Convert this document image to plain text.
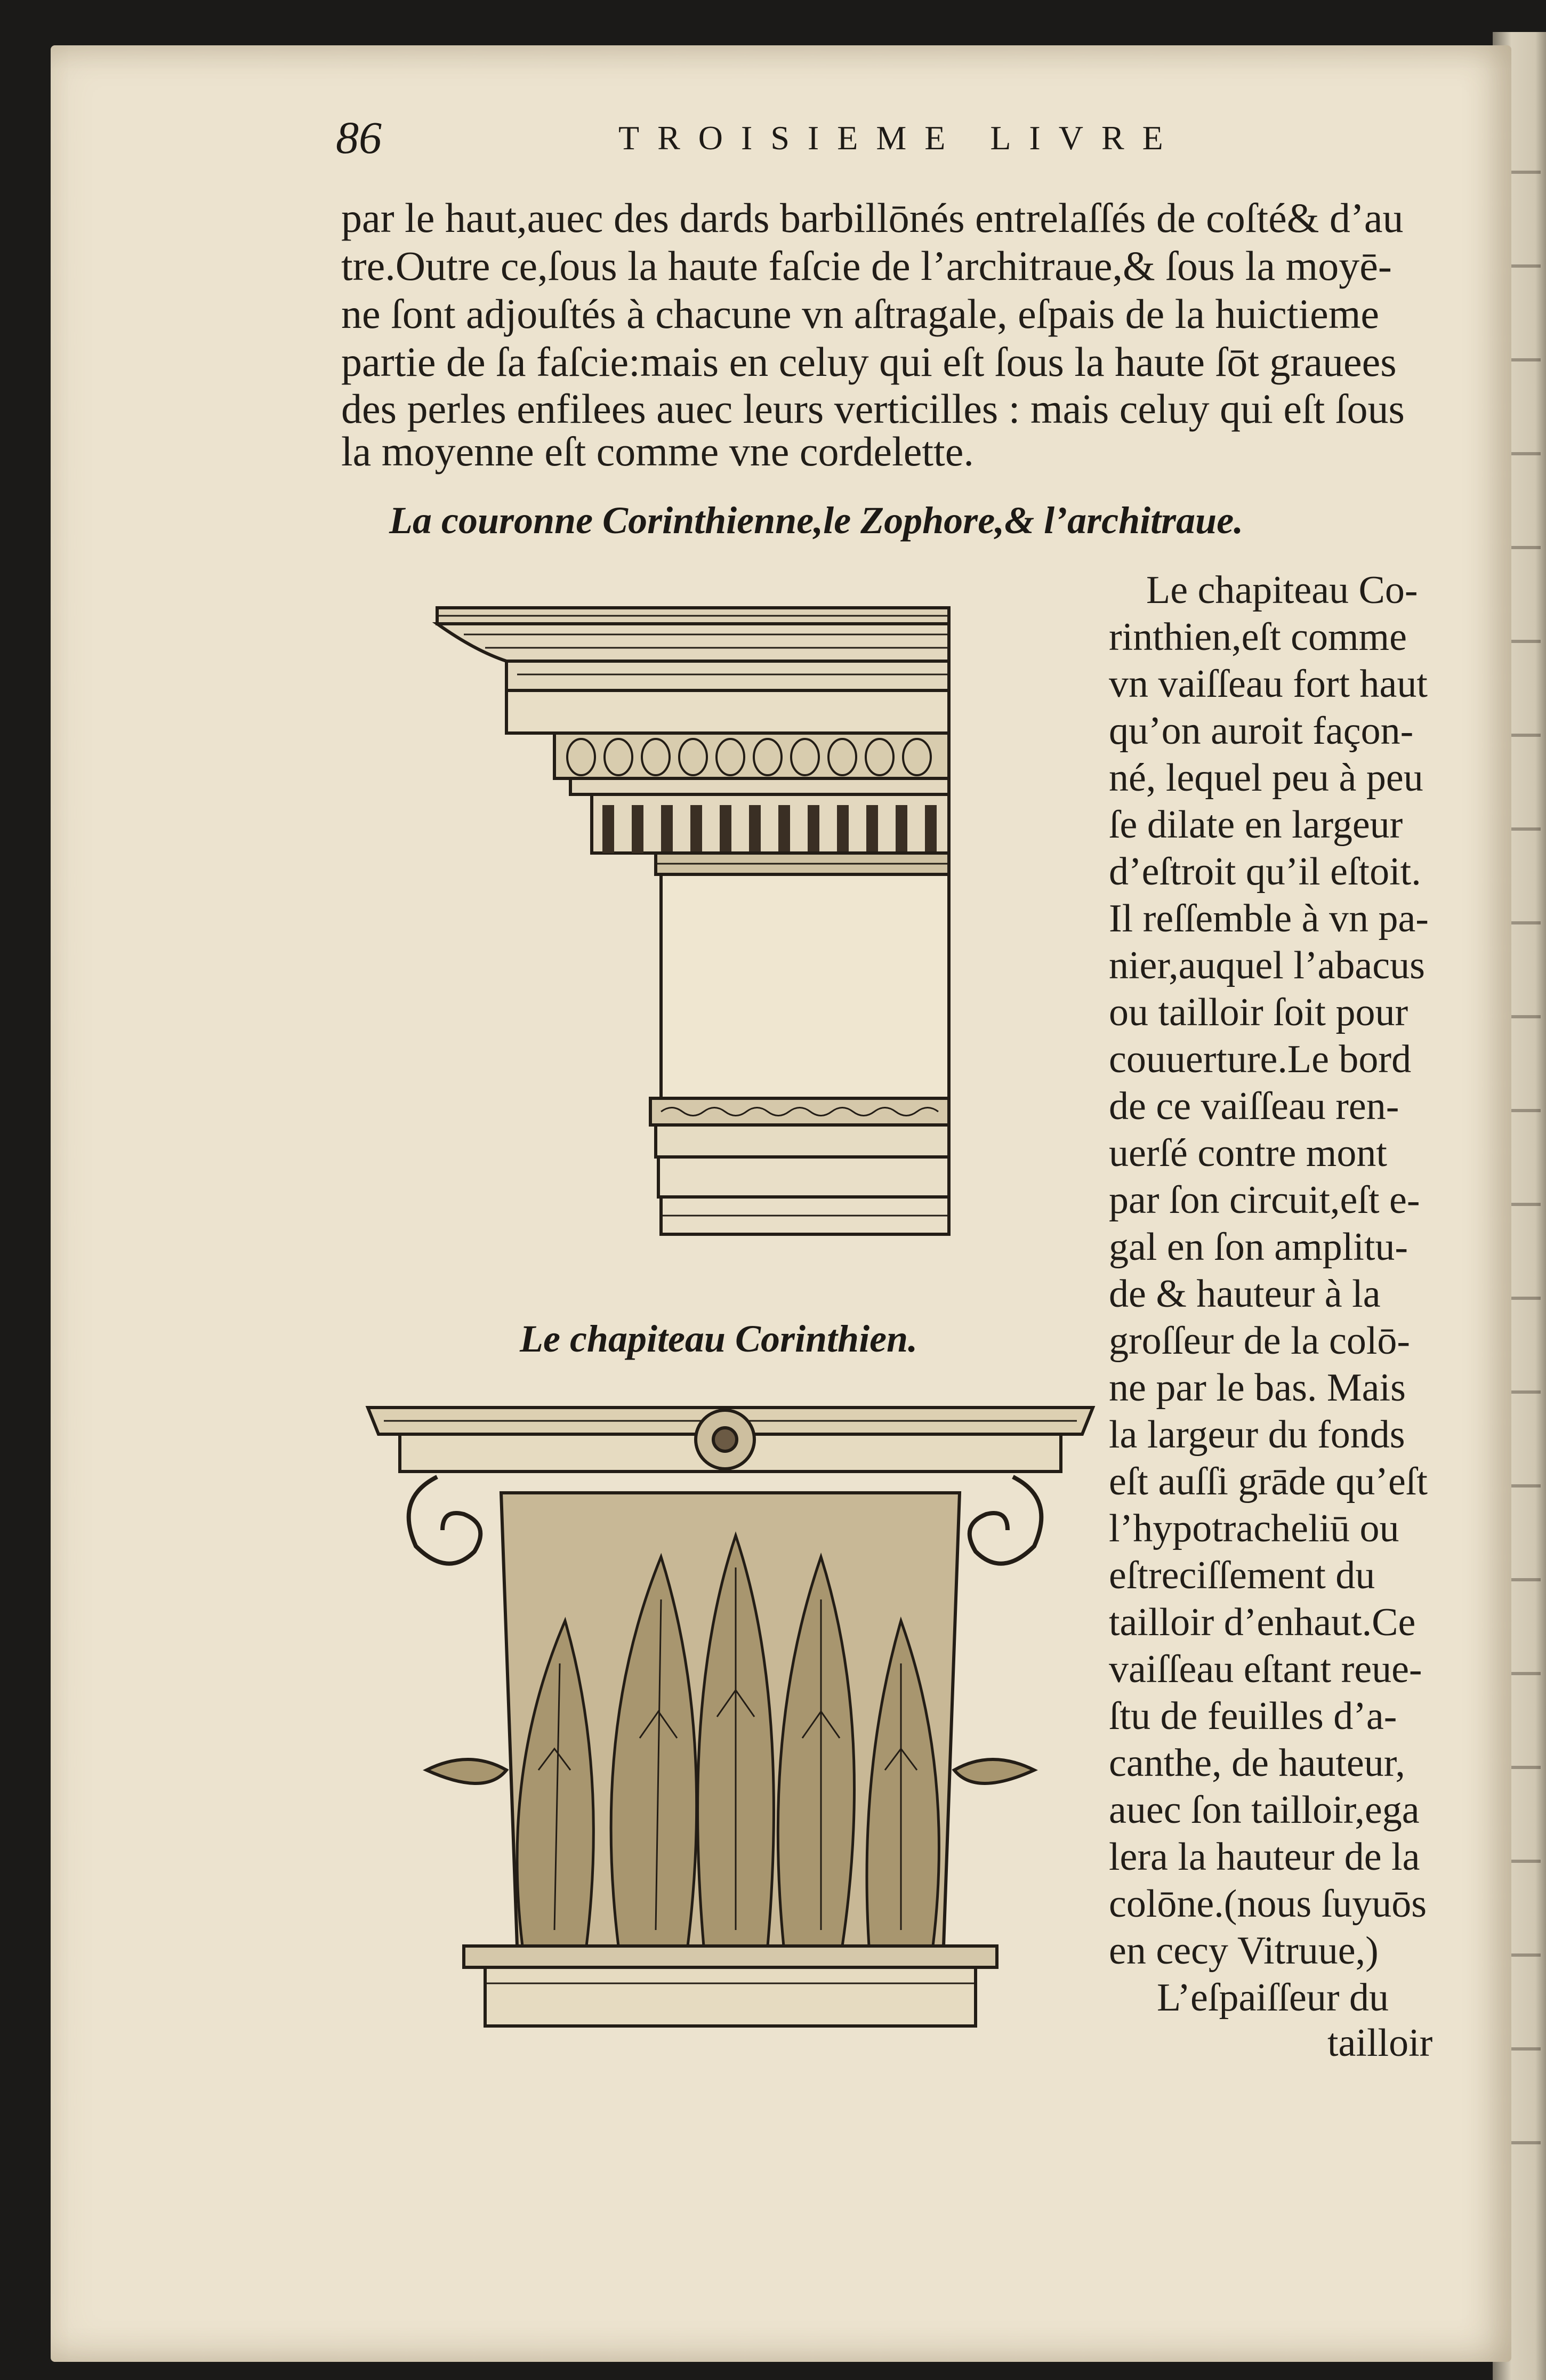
86	TROISIEME LIVRE
par le haut,auec des dards barbillōnés entrelaſſés de coſté& d’au
tre.Outre ce,ſous la haute faſcie de l’architraue,& ſous la moyē-
ne ſont adjouſtés à chacune vn aſtragale, eſpais de la huictieme
partie de ſa faſcie:mais en celuy qui eſt ſous la haute ſōt grauees
des perles enfilees auec leurs verticilles : mais celuy qui eſt ſous
la moyenne eſt comme vne cordelette.
La couronne Corinthienne,le Zophore,& l’architraue.
Le chapiteau Corinthien.
Le chapiteau Co-
rinthien,eſt comme
vn vaiſſeau fort haut
qu’on auroit façon-
né, lequel peu à peu
ſe dilate en largeur
d’eſtroit qu’il eſtoit.
Il reſſemble à vn pa-
nier,auquel l’abacus
ou tailloir ſoit pour
couuerture.Le bord
de ce vaiſſeau ren-
uerſé contre mont
par ſon circuit,eſt e-
gal en ſon amplitu-
de & hauteur à la
groſſeur de la colō-
ne par le bas. Mais
la largeur du fonds
eſt auſſi grāde qu’eſt
l’hypotracheliū ou
eſtreciſſement du
tailloir d’enhaut.Ce
vaiſſeau eſtant reue-
ſtu de feuilles d’a-
canthe, de hauteur,
auec ſon tailloir,ega
lera la hauteur de la
colōne.(nous ſuyuōs
en cecy Vitruue,)
L’eſpaiſſeur du
tailloir
